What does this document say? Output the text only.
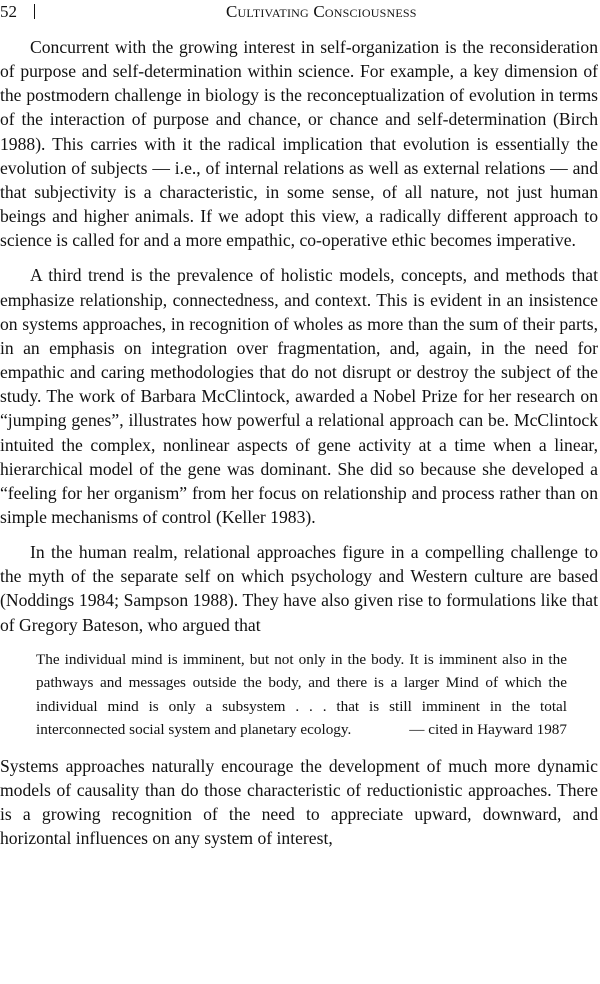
52	Cultivating Consciousness

Concurrent with the growing interest in self-organization is the reconsideration of purpose and self-determination within science. For example, a key dimension of the postmodern challenge in biology is the reconceptualization of evolution in terms of the interaction of purpose and chance, or chance and self-determination (Birch 1988). This carries with it the radical implication that evolution is essentially the evolution of subjects — i.e., of internal relations as well as external relations — and that subjectivity is a characteristic, in some sense, of all nature, not just human beings and higher animals. If we adopt this view, a radically different approach to science is called for and a more empathic, co-operative ethic becomes imperative.

A third trend is the prevalence of holistic models, concepts, and methods that emphasize relationship, connectedness, and context. This is evident in an insistence on systems approaches, in recognition of wholes as more than the sum of their parts, in an emphasis on integration over fragmentation, and, again, in the need for empathic and caring methodologies that do not disrupt or destroy the subject of the study. The work of Barbara McClintock, awarded a Nobel Prize for her research on “jumping genes”, illustrates how powerful a relational approach can be. McClintock intuited the complex, nonlinear aspects of gene activity at a time when a linear, hierarchical model of the gene was dominant. She did so because she developed a “feeling for her organism” from her focus on relationship and process rather than on simple mechanisms of control (Keller 1983).

In the human realm, relational approaches figure in a compelling challenge to the myth of the separate self on which psychology and Western culture are based (Noddings 1984; Sampson 1988). They have also given rise to formulations like that of Gregory Bateson, who argued that

The individual mind is imminent, but not only in the body. It is imminent also in the pathways and messages outside the body, and there is a larger Mind of which the individual mind is only a subsystem . . . that is still imminent in the total interconnected social system and planetary ecology.	— cited in Hayward 1987

Systems approaches naturally encourage the development of much more dynamic models of causality than do those characteristic of reductionistic approaches. There is a growing recognition of the need to appreciate upward, downward, and horizontal influences on any system of interest,
